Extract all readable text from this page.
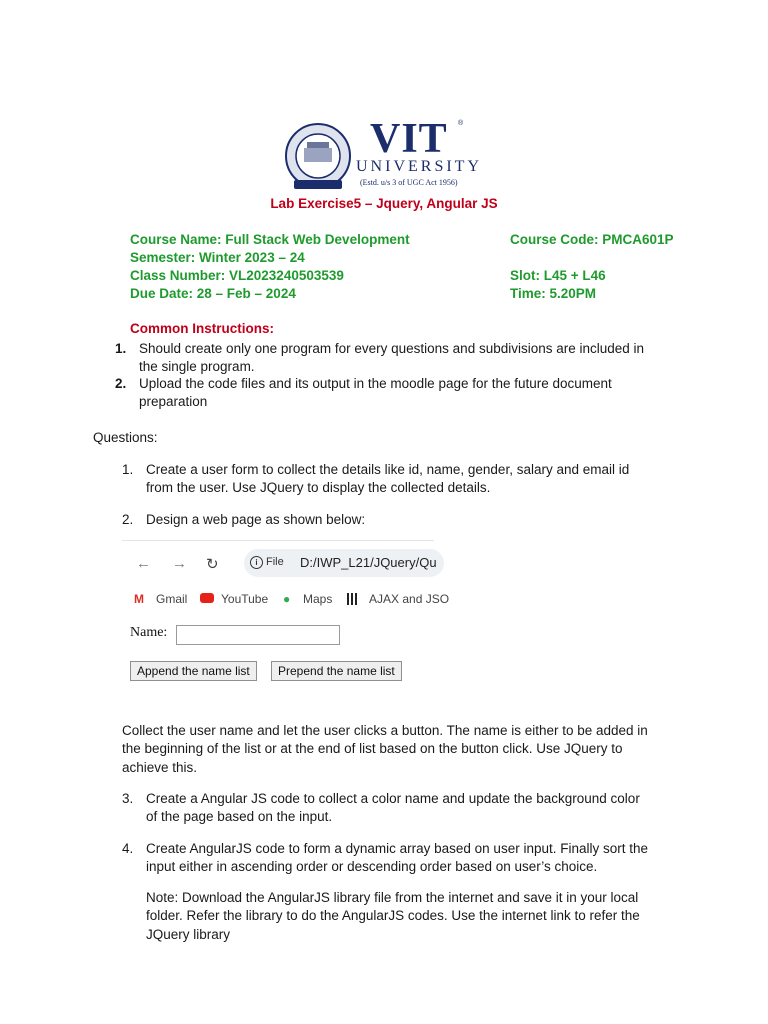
VIT ®
UNIVERSITY
(Estd. u/s 3 of UGC Act 1956)
Lab Exercise5 – Jquery, Angular JS
Course Name: Full Stack Web Development	Course Code: PMCA601P
Semester: Winter 2023 – 24
Class Number: VL2023240503539	Slot: L45 + L46
Due Date: 28 – Feb – 2024	Time: 5.20PM
Common Instructions:
1. Should create only one program for every questions and subdivisions are included in
the single program.
2. Upload the code files and its output in the moodle page for the future document
preparation
Questions:
1. Create a user form to collect the details like id, name, gender, salary and email id
from the user. Use JQuery to display the collected details.
2. Design a web page as shown below:
← → ↻	i File D:/IWP_L21/JQuery/Qu
M Gmail	YouTube ● Maps	AJAX and JSO
Name:
Append the name list	Prepend the name list
Collect the user name and let the user clicks a button. The name is either to be added in
the beginning of the list or at the end of list based on the button click. Use JQuery to
achieve this.
3. Create a Angular JS code to collect a color name and update the background color
of the page based on the input.
4. Create AngularJS code to form a dynamic array based on user input. Finally sort the
input either in ascending order or descending order based on user’s choice.
Note: Download the AngularJS library file from the internet and save it in your local
folder. Refer the library to do the AngularJS codes. Use the internet link to refer the
JQuery library
